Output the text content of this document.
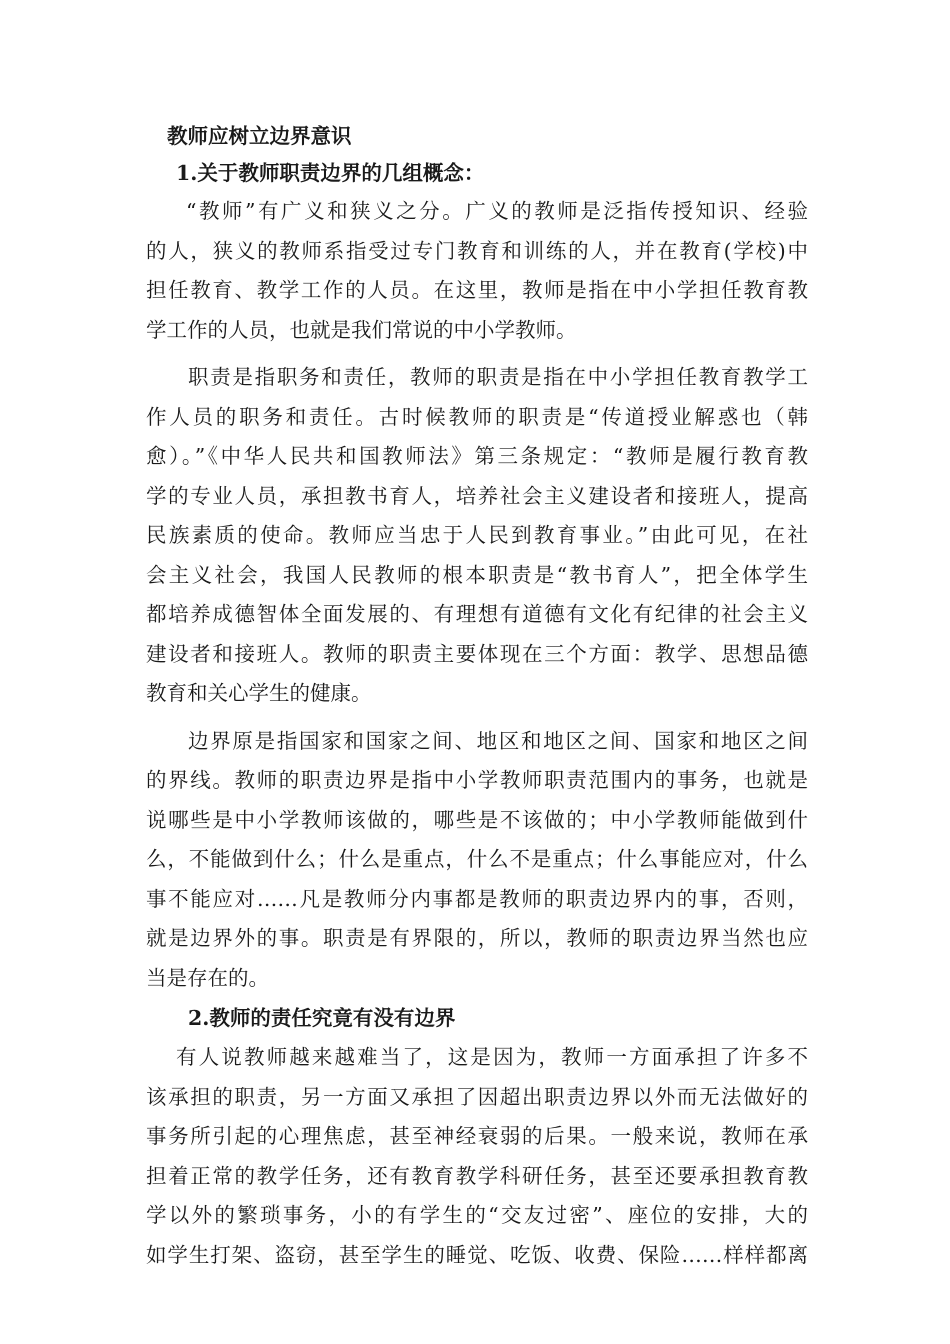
教师应树立边界意识
1.关于教师职责边界的几组概念：
“教师”有广义和狭义之分。广义的教师是泛指传授知识、经验
的人，狭义的教师系指受过专门教育和训练的人，并在教育(学校)中
担任教育、教学工作的人员。在这里，教师是指在中小学担任教育教
学工作的人员，也就是我们常说的中小学教师。
职责是指职务和责任，教师的职责是指在中小学担任教育教学工
作人员的职务和责任。古时候教师的职责是“传道授业解惑也（韩
愈）。”《中华人民共和国教师法》第三条规定：“教师是履行教育教
学的专业人员，承担教书育人，培养社会主义建设者和接班人，提高
民族素质的使命。教师应当忠于人民到教育事业。”由此可见，在社
会主义社会，我国人民教师的根本职责是“教书育人”，把全体学生
都培养成德智体全面发展的、有理想有道德有文化有纪律的社会主义
建设者和接班人。教师的职责主要体现在三个方面：教学、思想品德
教育和关心学生的健康。
边界原是指国家和国家之间、地区和地区之间、国家和地区之间
的界线。教师的职责边界是指中小学教师职责范围内的事务，也就是
说哪些是中小学教师该做的，哪些是不该做的；中小学教师能做到什
么，不能做到什么；什么是重点，什么不是重点；什么事能应对，什么
事不能应对……凡是教师分内事都是教师的职责边界内的事，否则，
就是边界外的事。职责是有界限的，所以，教师的职责边界当然也应
当是存在的。
2.教师的责任究竟有没有边界
有人说教师越来越难当了，这是因为，教师一方面承担了许多不
该承担的职责，另一方面又承担了因超出职责边界以外而无法做好的
事务所引起的心理焦虑，甚至神经衰弱的后果。一般来说，教师在承
担着正常的教学任务，还有教育教学科研任务，甚至还要承担教育教
学以外的繁琐事务，小的有学生的“交友过密”、座位的安排，大的
如学生打架、盗窃，甚至学生的睡觉、吃饭、收费、保险……样样都离
